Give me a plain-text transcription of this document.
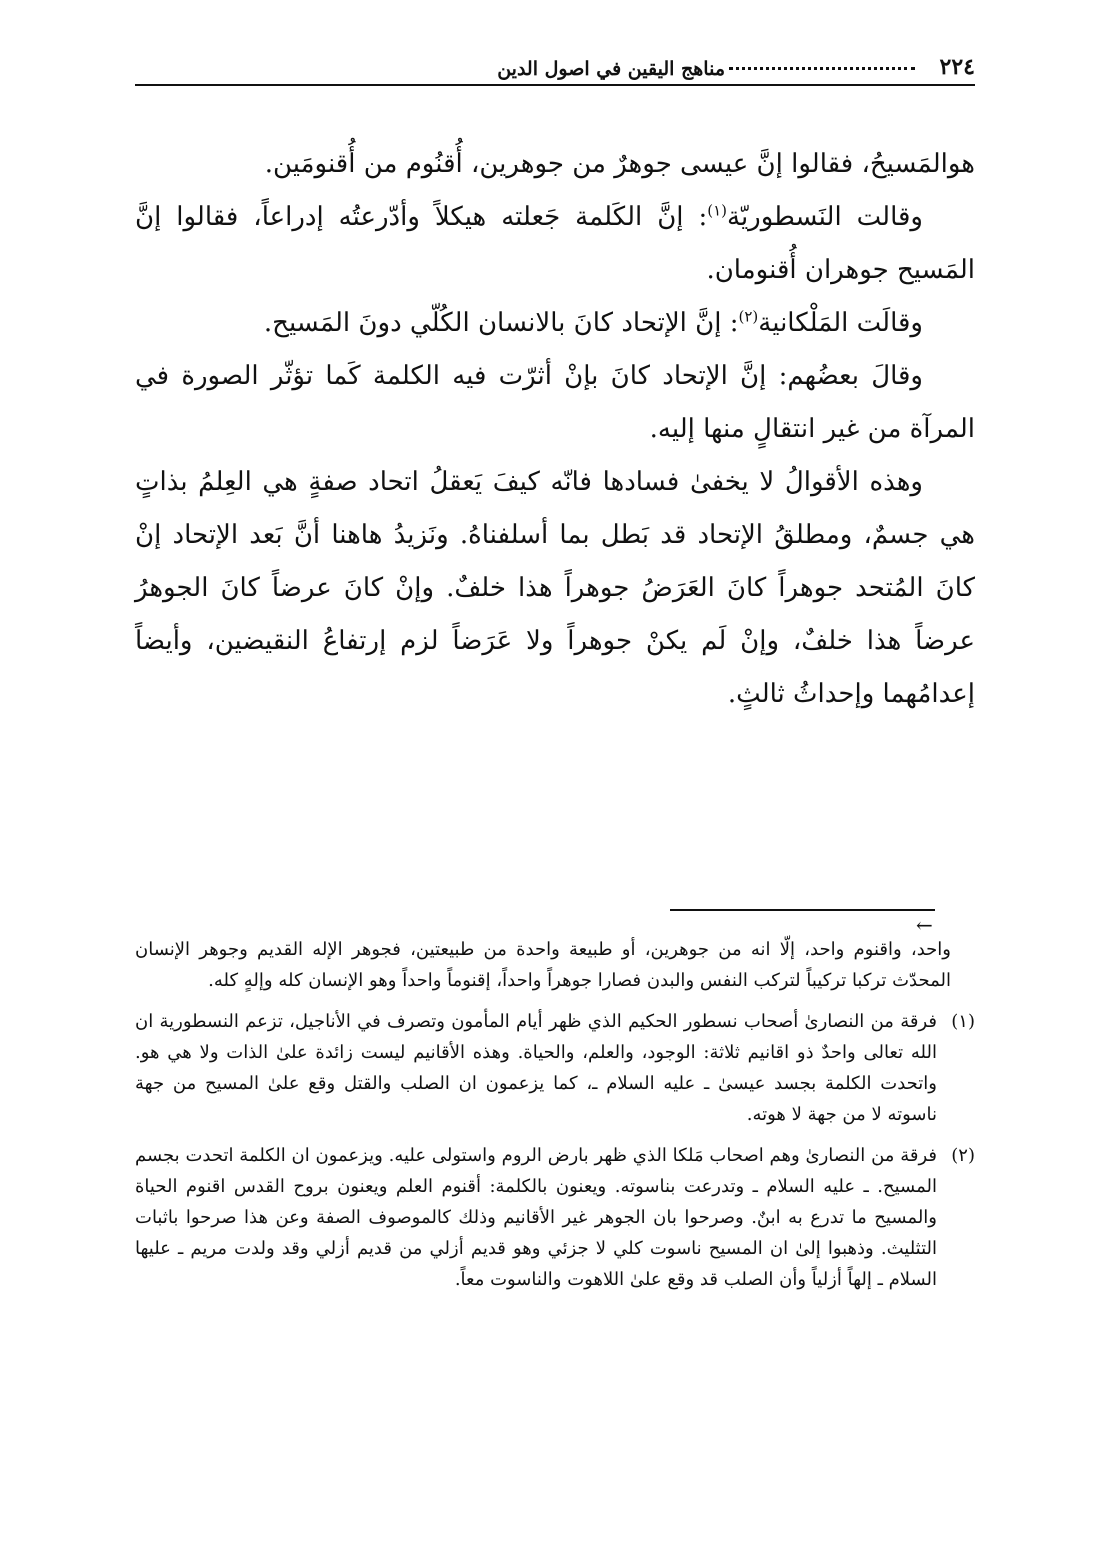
٢٢٤
مناهج اليقين في اصول الدين

هوالمَسيحُ، فقالوا إنَّ عيسى جوهرٌ من جوهرين، أُقنُوم من أُقنومَين.

وقالت النَسطوريّة$^{(١)}$: إنَّ الكَلمة جَعلته هيكلاً وأدّرعتُه إدراعاً، فقالوا إنَّ المَسيح جوهران أُقنومان.

وقالَت المَلْكانية$^{(٢)}$: إنَّ الإتحاد كانَ بالانسان الكُلّي دونَ المَسيح.

وقالَ بعضُهم: إنَّ الإتحاد كانَ بإنْ أثرّت فيه الكلمة كَما تؤثّر الصورة في المرآة من غير انتقالٍ منها إليه.

وهذه الأقوالُ لا يخفىٰ فسادها فانّه كيفَ يَعقلُ اتحاد صفةٍ هي العِلمُ بذاتٍ هي جسمٌ، ومطلقُ الإتحاد قد بَطل بما أسلفناهُ. ونَزيدُ هاهنا أنَّ بَعد الإتحاد إنْ كانَ المُتحد جوهراً كانَ العَرَضُ جوهراً هذا خلفٌ. وإنْ كانَ عرضاً كانَ الجوهرُ عرضاً هذا خلفٌ، وإنْ لَم يكنْ جوهراً ولا عَرَضاً لزم إرتفاعُ النقيضين، وأيضاً إعدامُهما وإحداثُ ثالثٍ.

←

واحد، واقنوم واحد، إلّا انه من جوهرين، أو طبيعة واحدة من طبيعتين، فجوهر الإله القديم وجوهر الإنسان المحدّث تركبا تركيباً لتركب النفس والبدن فصارا جوهراً واحداً، إقنوماً واحداً وهو الإنسان كله وإلهٍ كله.

(١)
فرقة من النصارىٰ أصحاب نسطور الحكيم الذي ظهر أيام المأمون وتصرف في الأناجيل، تزعم النسطورية ان الله تعالى واحدٌ ذو اقانيم ثلاثة: الوجود، والعلم، والحياة. وهذه الأقانيم ليست زائدة علىٰ الذات ولا هي هو. واتحدت الكلمة بجسد عيسىٰ ـ عليه السلام ـ، كما يزعمون ان الصلب والقتل وقع علىٰ المسيح من جهة ناسوته لا من جهة لا هوته.

(٢)
فرقة من النصارىٰ وهم اصحاب مَلكا الذي ظهر بارض الروم واستولى عليه. ويزعمون ان الكلمة اتحدت بجسم المسيح. ـ عليه السلام ـ وتدرعت بناسوته. ويعنون بالكلمة: أقنوم العلم ويعنون بروح القدس اقنوم الحياة والمسيح ما تدرع به ابنٌ. وصرحوا بان الجوهر غير الأقانيم وذلك كالموصوف الصفة وعن هذا صرحوا باثبات التثليث. وذهبوا إلىٰ ان المسيح ناسوت كلي لا جزئي وهو قديم أزلي من قديم أزلي وقد ولدت مريم ـ عليها السلام ـ إلهاً أزلياً وأن الصلب قد وقع علىٰ اللاهوت والناسوت معاً.
